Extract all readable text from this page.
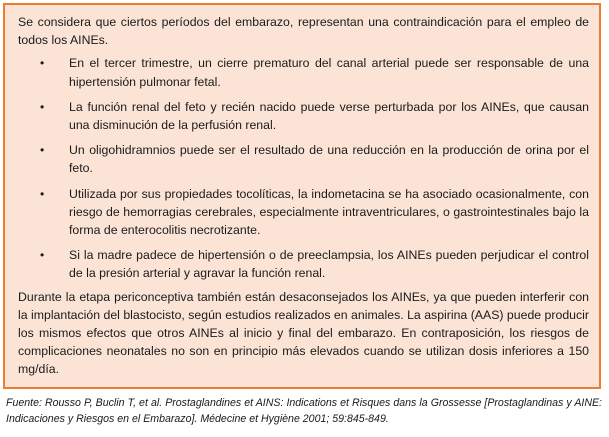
Se considera que ciertos períodos del embarazo, representan una contraindicación para el empleo de todos los AINEs.

• En el tercer trimestre, un cierre prematuro del canal arterial puede ser responsable de una hipertensión pulmonar fetal.
• La función renal del feto y recién nacido puede verse perturbada por los AINEs, que causan una disminución de la perfusión renal.
• Un oligohidramnios puede ser el resultado de una reducción en la producción de orina por el feto.
• Utilizada por sus propiedades tocolíticas, la indometacina se ha asociado ocasionalmente, con riesgo de hemorragias cerebrales, especialmente intraventriculares, o gastrointestinales bajo la forma de enterocolitis necrotizante.
• Si la madre padece de hipertensión o de preeclampsia, los AINEs pueden perjudicar el control de la presión arterial y agravar la función renal.

Durante la etapa periconceptiva también están desaconsejados los AINEs, ya que pueden interferir con la implantación del blastocisto, según estudios realizados en animales. La aspirina (AAS) puede producir los mismos efectos que otros AINEs al inicio y final del embarazo. En contraposición, los riesgos de complicaciones neonatales no son en principio más elevados cuando se utilizan dosis inferiores a 150 mg/día.

Fuente: Rousso P, Buclin T, et al. Prostaglandines et AINS: Indications et Risques dans la Grossesse [Prostaglandinas y AINE: Indicaciones y Riesgos en el Embarazo]. Médecine et Hygiène 2001; 59:845-849.
